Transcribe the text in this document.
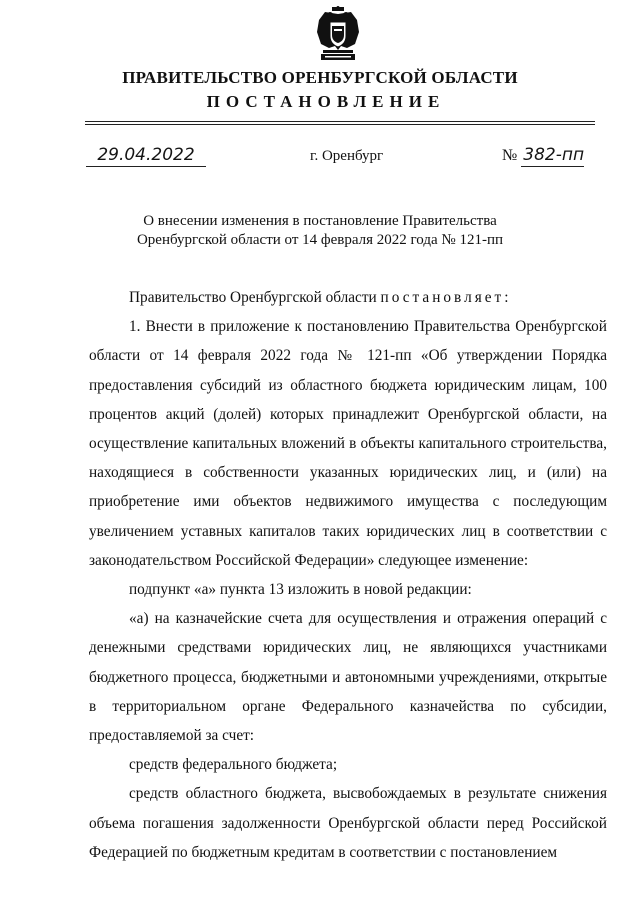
ПРАВИТЕЛЬСТВО ОРЕНБУРГСКОЙ ОБЛАСТИ
ПОСТАНОВЛЕНИЕ
29.04.2022	г. Оренбург	№ 382-пп
О внесении изменения в постановление Правительства
Оренбургской области от 14 февраля 2022 года № 121-пп

Правительство Оренбургской области постановляет:

1. Внести в приложение к постановлению Правительства Оренбургской области от 14 февраля 2022 года № 121-пп «Об утверждении Порядка предоставления субсидий из областного бюджета юридическим лицам, 100 процентов акций (долей) которых принадлежит Оренбургской области, на осуществление капитальных вложений в объекты капитального строительства, находящиеся в собственности указанных юридических лиц, и (или) на приобретение ими объектов недвижимого имущества с последующим увеличением уставных капиталов таких юридических лиц в соответствии с законодательством Российской Федерации» следующее изменение:

подпункт «а» пункта 13 изложить в новой редакции:

«а) на казначейские счета для осуществления и отражения операций с денежными средствами юридических лиц, не являющихся участниками бюджетного процесса, бюджетными и автономными учреждениями, открытые в территориальном органе Федерального казначейства по субсидии, предоставляемой за счет:

средств федерального бюджета;

средств областного бюджета, высвобождаемых в результате снижения объема погашения задолженности Оренбургской области перед Российской Федерацией по бюджетным кредитам в соответствии с постановлением
